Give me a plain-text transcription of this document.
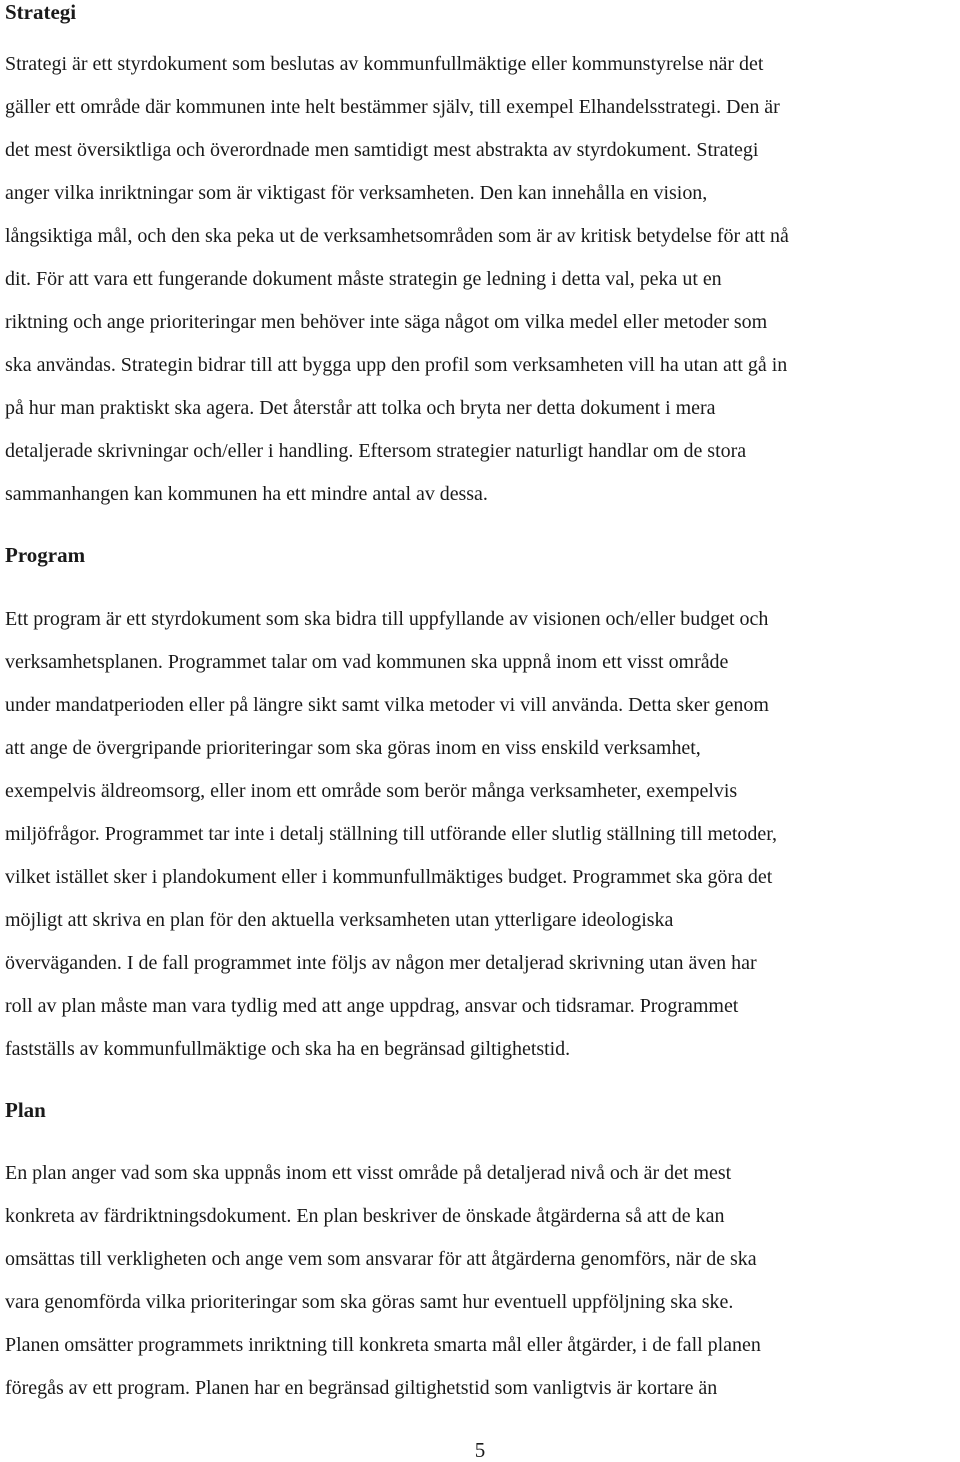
Strategi
Strategi är ett styrdokument som beslutas av kommunfullmäktige eller kommunstyrelse när det
gäller ett område där kommunen inte helt bestämmer själv, till exempel Elhandelsstrategi. Den är
det mest översiktliga och överordnade men samtidigt mest abstrakta av styrdokument. Strategi
anger vilka inriktningar som är viktigast för verksamheten. Den kan innehålla en vision,
långsiktiga mål, och den ska peka ut de verksamhetsområden som är av kritisk betydelse för att nå
dit. För att vara ett fungerande dokument måste strategin ge ledning i detta val, peka ut en
riktning och ange prioriteringar men behöver inte säga något om vilka medel eller metoder som
ska användas. Strategin bidrar till att bygga upp den profil som verksamheten vill ha utan att gå in
på hur man praktiskt ska agera. Det återstår att tolka och bryta ner detta dokument i mera
detaljerade skrivningar och/eller i handling. Eftersom strategier naturligt handlar om de stora
sammanhangen kan kommunen ha ett mindre antal av dessa.
Program
Ett program är ett styrdokument som ska bidra till uppfyllande av visionen och/eller budget och
verksamhetsplanen. Programmet talar om vad kommunen ska uppnå inom ett visst område
under mandatperioden eller på längre sikt samt vilka metoder vi vill använda. Detta sker genom
att ange de övergripande prioriteringar som ska göras inom en viss enskild verksamhet,
exempelvis äldreomsorg, eller inom ett område som berör många verksamheter, exempelvis
miljöfrågor. Programmet tar inte i detalj ställning till utförande eller slutlig ställning till metoder,
vilket istället sker i plandokument eller i kommunfullmäktiges budget. Programmet ska göra det
möjligt att skriva en plan för den aktuella verksamheten utan ytterligare ideologiska
överväganden. I de fall programmet inte följs av någon mer detaljerad skrivning utan även har
roll av plan måste man vara tydlig med att ange uppdrag, ansvar och tidsramar. Programmet
fastställs av kommunfullmäktige och ska ha en begränsad giltighetstid.
Plan
En plan anger vad som ska uppnås inom ett visst område på detaljerad nivå och är det mest
konkreta av färdriktningsdokument. En plan beskriver de önskade åtgärderna så att de kan
omsättas till verkligheten och ange vem som ansvarar för att åtgärderna genomförs, när de ska
vara genomförda vilka prioriteringar som ska göras samt hur eventuell uppföljning ska ske.
Planen omsätter programmets inriktning till konkreta smarta mål eller åtgärder, i de fall planen
föregås av ett program. Planen har en begränsad giltighetstid som vanligtvis är kortare än
5
